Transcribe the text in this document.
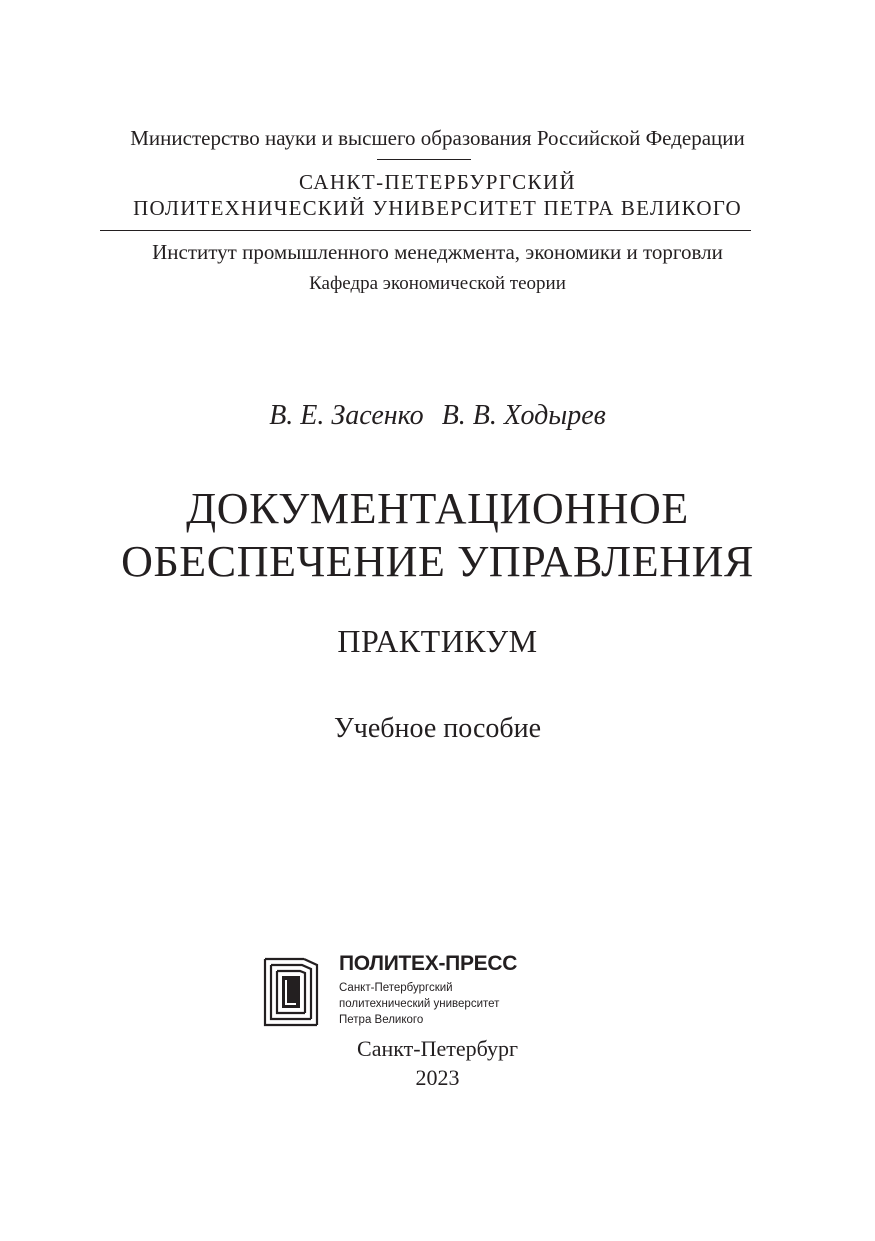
Министерство науки и высшего образования Российской Федерации
САНКТ-ПЕТЕРБУРГСКИЙ
ПОЛИТЕХНИЧЕСКИЙ УНИВЕРСИТЕТ ПЕТРА ВЕЛИКОГО
Институт промышленного менеджмента, экономики и торговли
Кафедра экономической теории
В. Е. Засенко В. В. Ходырев
ДОКУМЕНТАЦИОННОЕ
ОБЕСПЕЧЕНИЕ УПРАВЛЕНИЯ
ПРАКТИКУМ
Учебное пособие
ПОЛИТЕХ-ПРЕСС
Санкт-Петербургский
политехнический университет
Петра Великого
Санкт-Петербург
2023
